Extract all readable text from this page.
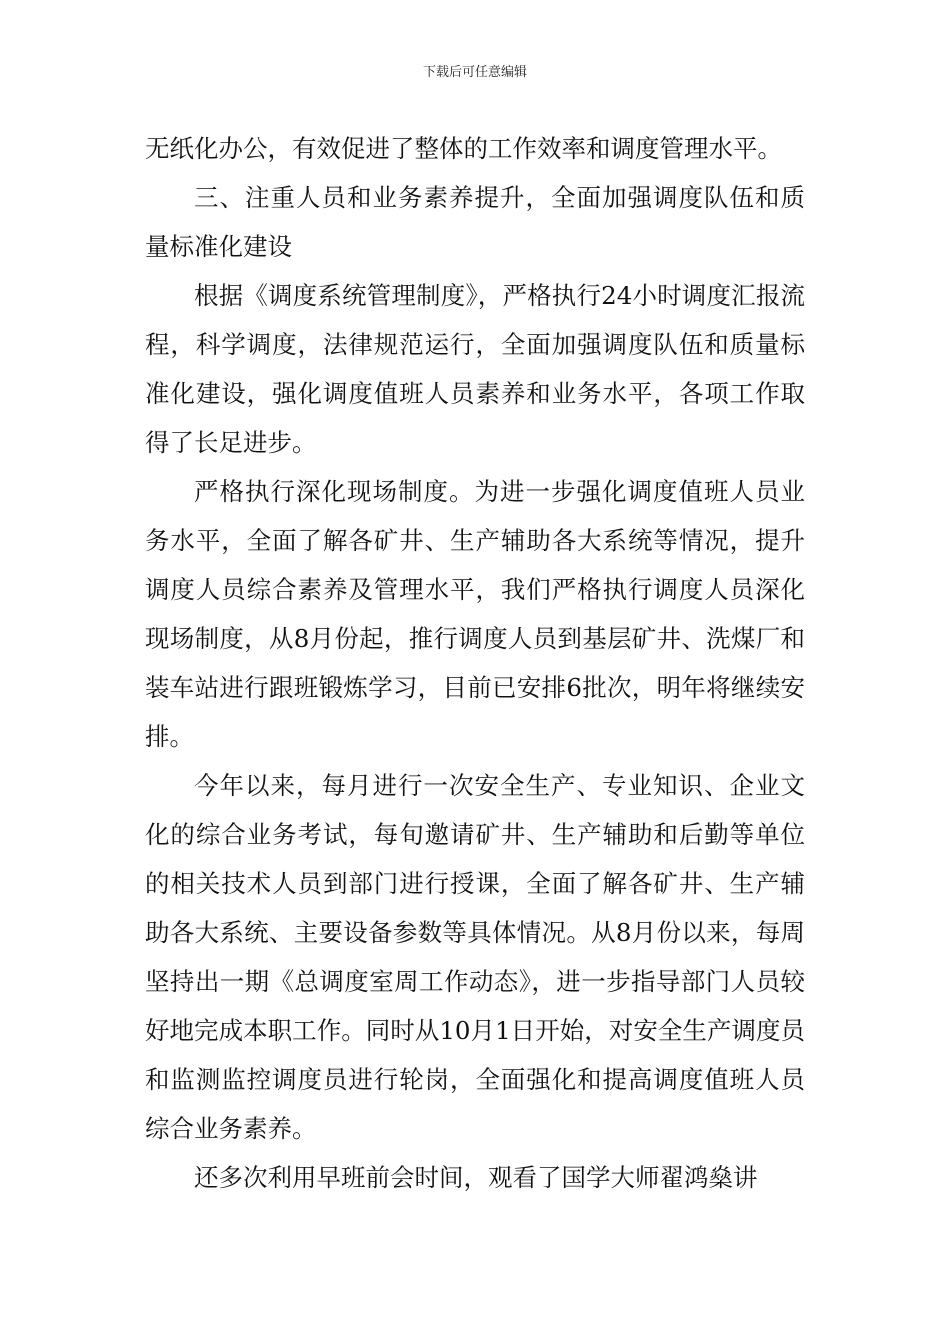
下载后可任意编辑

无纸化办公，有效促进了整体的工作效率和调度管理水平。

三、注重人员和业务素养提升，全面加强调度队伍和质量标准化建设

根据《调度系统管理制度》，严格执行24小时调度汇报流程，科学调度，法律规范运行，全面加强调度队伍和质量标准化建设，强化调度值班人员素养和业务水平，各项工作取得了长足进步。

严格执行深化现场制度。为进一步强化调度值班人员业务水平，全面了解各矿井、生产辅助各大系统等情况，提升调度人员综合素养及管理水平，我们严格执行调度人员深化现场制度，从8月份起，推行调度人员到基层矿井、洗煤厂和装车站进行跟班锻炼学习，目前已安排6批次，明年将继续安排。

今年以来，每月进行一次安全生产、专业知识、企业文化的综合业务考试，每旬邀请矿井、生产辅助和后勤等单位的相关技术人员到部门进行授课，全面了解各矿井、生产辅助各大系统、主要设备参数等具体情况。从8月份以来，每周坚持出一期《总调度室周工作动态》，进一步指导部门人员较好地完成本职工作。同时从10月1日开始，对安全生产调度员和监测监控调度员进行轮岗，全面强化和提高调度值班人员综合业务素养。

还多次利用早班前会时间，观看了国学大师翟鸿燊讲
